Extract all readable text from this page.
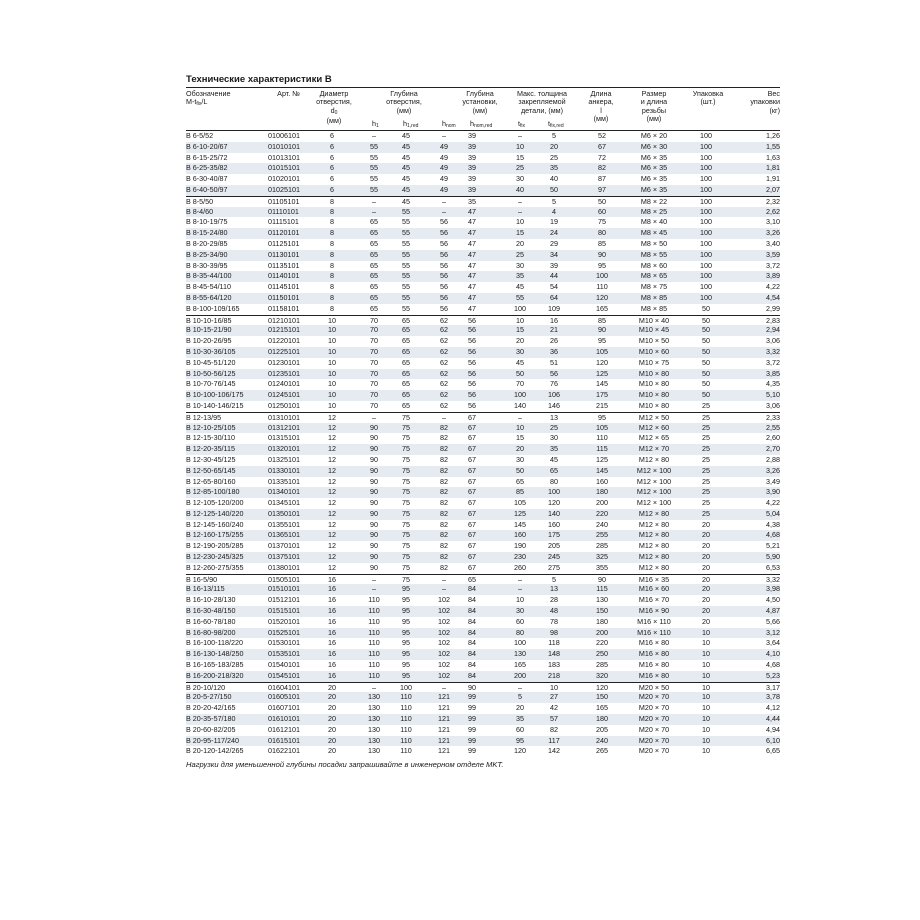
Технические характеристики B
Обозначение
$M-t_{fix}/L$
Арт. №	Диаметр
отверстия,
$d_0$
(мм)
Глубина
отверстия,
(мм)
$h_1$	$h_{1,red}$
Глубина
установки,
(мм)
$h_{nom}$ $h_{nom,red}$
Макс. толщина
закрепляемой
детали, (мм)
$t_{fix}$	$t_{fix,red}$
Длина
анкера,
l
(мм)
Размер
и длина
резьбы
(мм)
Упаковка
(шт.)
Вес
упаковки
(кг)
B 6-5/52	01006101	6	–	45	–	39	–	5	52	M6 × 20	100	1,26
B 6-10-20/67	01010101	6	55	45	49	39	10	20	67	M6 × 30	100	1,55
B 6-15-25/72	01013101	6	55	45	49	39	15	25	72	M6 × 35	100	1,63
B 6-25-35/82	01015101	6	55	45	49	39	25	35	82	M6 × 35	100	1,81
B 6-30-40/87	01020101	6	55	45	49	39	30	40	87	M6 × 35	100	1,91
B 6-40-50/97	01025101	6	55	45	49	39	40	50	97	M6 × 35	100	2,07
B 8-5/50	01105101	8	–	45	–	35	–	5	50	M8 × 22	100	2,32
B 8-4/60	01110101	8	–	55	–	47	–	4	60	M8 × 25	100	2,62
B 8-10-19/75	01115101	8	65	55	56	47	10	19	75	M8 × 40	100	3,10
B 8-15-24/80	01120101	8	65	55	56	47	15	24	80	M8 × 45	100	3,26
B 8-20-29/85	01125101	8	65	55	56	47	20	29	85	M8 × 50	100	3,40
B 8-25-34/90	01130101	8	65	55	56	47	25	34	90	M8 × 55	100	3,59
B 8-30-39/95	01135101	8	65	55	56	47	30	39	95	M8 × 60	100	3,72
B 8-35-44/100	01140101	8	65	55	56	47	35	44	100	M8 × 65	100	3,89
B 8-45-54/110	01145101	8	65	55	56	47	45	54	110	M8 × 75	100	4,22
B 8-55-64/120	01150101	8	65	55	56	47	55	64	120	M8 × 85	100	4,54
B 8-100-109/165	01158101	8	65	55	56	47	100	109	165	M8 × 85	50	2,99
B 10-10-16/85	01210101	10	70	65	62	56	10	16	85	M10 × 40	50	2,83
B 10-15-21/90	01215101	10	70	65	62	56	15	21	90	M10 × 45	50	2,94
B 10-20-26/95	01220101	10	70	65	62	56	20	26	95	M10 × 50	50	3,06
B 10-30-36/105	01225101	10	70	65	62	56	30	36	105	M10 × 60	50	3,32
B 10-45-51/120	01230101	10	70	65	62	56	45	51	120	M10 × 75	50	3,72
B 10-50-56/125	01235101	10	70	65	62	56	50	56	125	M10 × 80	50	3,85
B 10-70-76/145	01240101	10	70	65	62	56	70	76	145	M10 × 80	50	4,35
B 10-100-106/175	01245101	10	70	65	62	56	100	106	175	M10 × 80	50	5,10
B 10-140-146/215	01250101	10	70	65	62	56	140	146	215	M10 × 80	25	3,06
B 12-13/95	01310101	12	–	75	–	67	–	13	95	M12 × 50	25	2,33
B 12-10-25/105	01312101	12	90	75	82	67	10	25	105	M12 × 60	25	2,55
B 12-15-30/110	01315101	12	90	75	82	67	15	30	110	M12 × 65	25	2,60
B 12-20-35/115	01320101	12	90	75	82	67	20	35	115	M12 × 70	25	2,70
B 12-30-45/125	01325101	12	90	75	82	67	30	45	125	M12 × 80	25	2,88
B 12-50-65/145	01330101	12	90	75	82	67	50	65	145	M12 × 100	25	3,26
B 12-65-80/160	01335101	12	90	75	82	67	65	80	160	M12 × 100	25	3,49
B 12-85-100/180	01340101	12	90	75	82	67	85	100	180	M12 × 100	25	3,90
B 12-105-120/200	01345101	12	90	75	82	67	105	120	200	M12 × 100	25	4,22
B 12-125-140/220	01350101	12	90	75	82	67	125	140	220	M12 × 80	25	5,04
B 12-145-160/240	01355101	12	90	75	82	67	145	160	240	M12 × 80	20	4,38
B 12-160-175/255	01365101	12	90	75	82	67	160	175	255	M12 × 80	20	4,68
B 12-190-205/285	01370101	12	90	75	82	67	190	205	285	M12 × 80	20	5,21
B 12-230-245/325	01375101	12	90	75	82	67	230	245	325	M12 × 80	20	5,90
B 12-260-275/355	01380101	12	90	75	82	67	260	275	355	M12 × 80	20	6,53
B 16-5/90	01505101	16	–	75	–	65	–	5	90	M16 × 35	20	3,32
B 16-13/115	01510101	16	–	95	–	84	–	13	115	M16 × 60	20	3,98
B 16-10-28/130	01512101	16	110	95	102	84	10	28	130	M16 × 70	20	4,50
B 16-30-48/150	01515101	16	110	95	102	84	30	48	150	M16 × 90	20	4,87
B 16-60-78/180	01520101	16	110	95	102	84	60	78	180	M16 × 110	20	5,66
B 16-80-98/200	01525101	16	110	95	102	84	80	98	200	M16 × 110	10	3,12
B 16-100-118/220	01530101	16	110	95	102	84	100	118	220	M16 × 80	10	3,64
B 16-130-148/250	01535101	16	110	95	102	84	130	148	250	M16 × 80	10	4,10
B 16-165-183/285	01540101	16	110	95	102	84	165	183	285	M16 × 80	10	4,68
B 16-200-218/320	01545101	16	110	95	102	84	200	218	320	M16 × 80	10	5,23
B 20-10/120	01604101	20	–	100	–	90	–	10	120	M20 × 50	10	3,17
B 20-5-27/150	01605101	20	130	110	121	99	5	27	150	M20 × 70	10	3,78
B 20-20-42/165	01607101	20	130	110	121	99	20	42	165	M20 × 70	10	4,12
B 20-35-57/180	01610101	20	130	110	121	99	35	57	180	M20 × 70	10	4,44
B 20-60-82/205	01612101	20	130	110	121	99	60	82	205	M20 × 70	10	4,94
B 20-95-117/240	01615101	20	130	110	121	99	95	117	240	M20 × 70	10	6,10
B 20-120-142/265	01622101	20	130	110	121	99	120	142	265	M20 × 70	10	6,65
Нагрузки для уменьшенной глубины посадки запрашивайте в инженерном отделе MKT.
